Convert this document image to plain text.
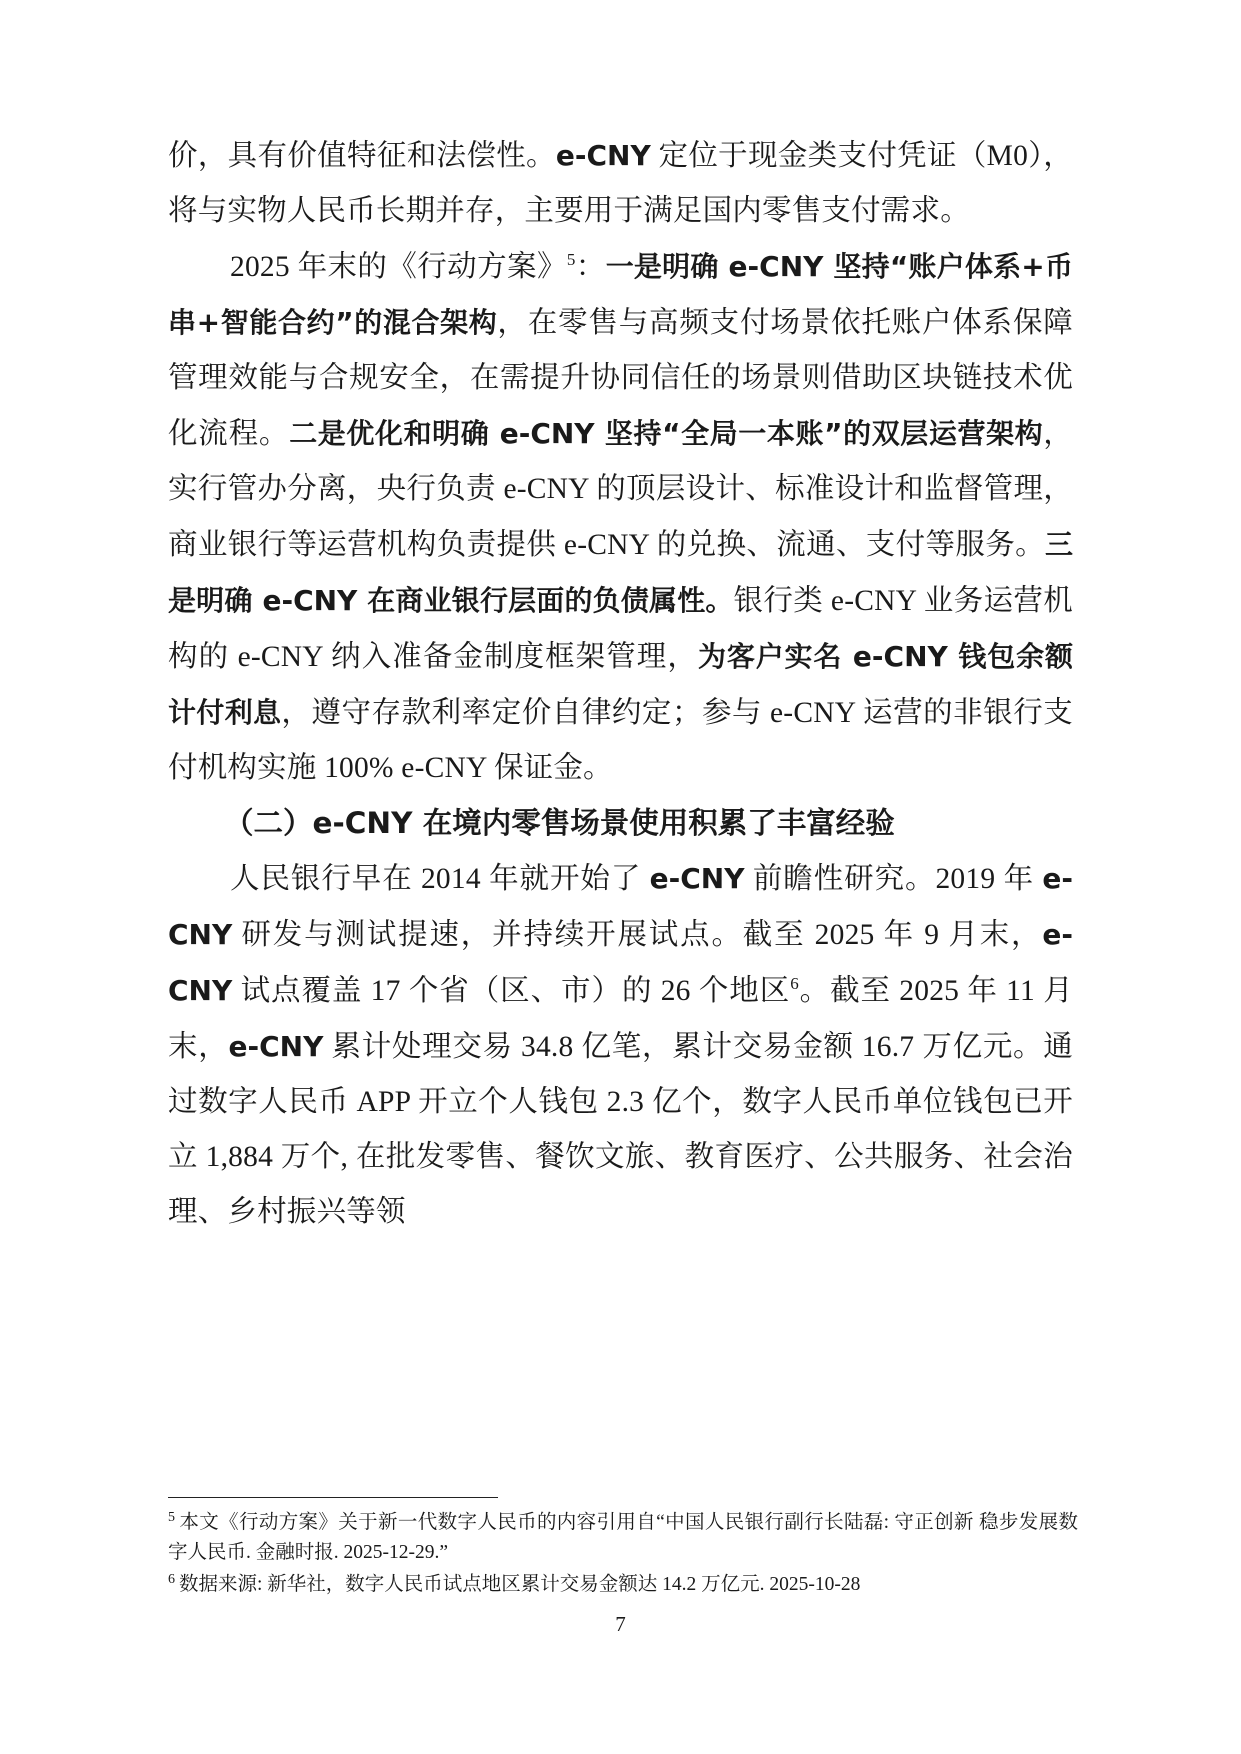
价，具有价值特征和法偿性。e-CNY 定位于现金类支付凭证（M0），将与实物人民币长期并存，主要用于满足国内零售支付需求。

2025 年末的《行动方案》$^5$：一是明确 e-CNY 坚持“账户体系+币串+智能合约”的混合架构，在零售与高频支付场景依托账户体系保障管理效能与合规安全，在需提升协同信任的场景则借助区块链技术优化流程。二是优化和明确 e-CNY 坚持“全局一本账”的双层运营架构，实行管办分离，央行负责 e-CNY 的顶层设计、标准设计和监督管理，商业银行等运营机构负责提供 e-CNY 的兑换、流通、支付等服务。三是明确 e-CNY 在商业银行层面的负债属性。银行类 e-CNY 业务运营机构的 e-CNY 纳入准备金制度框架管理，为客户实名 e-CNY 钱包余额计付利息，遵守存款利率定价自律约定；参与 e-CNY 运营的非银行支付机构实施 100% e-CNY 保证金。

（二）e-CNY 在境内零售场景使用积累了丰富经验

人民银行早在 2014 年就开始了 e-CNY 前瞻性研究。2019 年 e-CNY 研发与测试提速，并持续开展试点。截至 2025 年 9 月末，e-CNY 试点覆盖 17 个省（区、市）的 26 个地区$^6$。截至 2025 年 11 月末，e-CNY 累计处理交易 34.8 亿笔，累计交易金额 16.7 万亿元。通过数字人民币 APP 开立个人钱包 2.3 亿个，数字人民币单位钱包已开立 1,884 万个, 在批发零售、餐饮文旅、教育医疗、公共服务、社会治理、乡村振兴等领

$^5$ 本文《行动方案》关于新一代数字人民币的内容引用自“中国人民银行副行长陆磊: 守正创新 稳步发展数字人民币. 金融时报. 2025-12-29.”

$^6$ 数据来源: 新华社，数字人民币试点地区累计交易金额达 14.2 万亿元. 2025-10-28

7
